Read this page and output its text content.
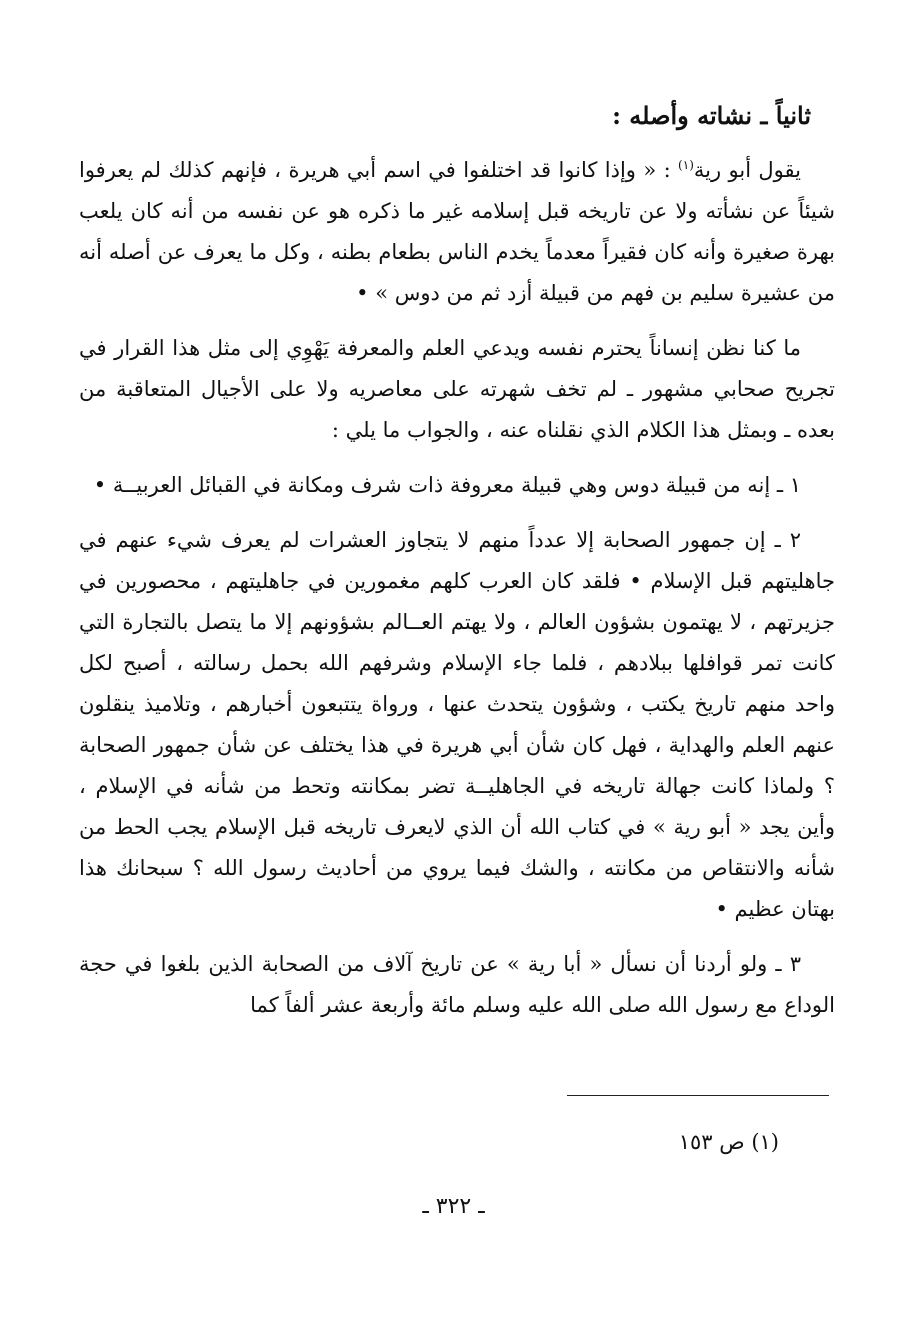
ثانياً ـ نشاته وأصله :

يقول أبو رية$^{(١)}$ : « وإذا كانوا قد اختلفوا في اسم أبي هريرة ، فإنهم كذلك لم يعرفوا شيئاً عن نشأته ولا عن تاريخه قبل إسلامه غير ما ذكره هو عن نفسه من أنه كان يلعب بهرة صغيرة وأنه كان فقيراً معدماً يخدم الناس بطعام بطنه ، وكل ما يعرف عن أصله أنه من عشيرة سليم بن فهم من قبيلة أزد ثم من دوس » •

ما كنا نظن إنساناً يحترم نفسه ويدعي العلم والمعرفة يَهْوِي إلى مثل هذا القرار في تجريح صحابي مشهور ـ لم تخف شهرته على معاصريه ولا على الأجيال المتعاقبة من بعده ـ وبمثل هذا الكلام الذي نقلناه عنه ، والجواب ما يلي :

١ ـ إنه من قبيلة دوس وهي قبيلة معروفة ذات شرف ومكانة في القبائل العربيــة •

٢ ـ إن جمهور الصحابة إلا عدداً منهم لا يتجاوز العشرات لم يعرف شيء عنهم في جاهليتهم قبل الإسلام • فلقد كان العرب كلهم مغمورين في جاهليتهم ، محصورين في جزيرتهم ، لا يهتمون بشؤون العالم ، ولا يهتم العــالم بشؤونهم إلا ما يتصل بالتجارة التي كانت تمر قوافلها ببلادهم ، فلما جاء الإسلام وشرفهم الله بحمل رسالته ، أصبح لكل واحد منهم تاريخ يكتب ، وشؤون يتحدث عنها ، ورواة يتتبعون أخبارهم ، وتلاميذ ينقلون عنهم العلم والهداية ، فهل كان شأن أبي هريرة في هذا يختلف عن شأن جمهور الصحابة ؟ ولماذا كانت جهالة تاريخه في الجاهليــة تضر بمكانته وتحط من شأنه في الإسلام ، وأين يجد « أبو رية » في كتاب الله أن الذي لايعرف تاريخه قبل الإسلام يجب الحط من شأنه والانتقاص من مكانته ، والشك فيما يروي من أحاديث رسول الله ؟ سبحانك هذا بهتان عظيم •

٣ ـ ولو أردنا أن نسأل « أبا رية » عن تاريخ آلاف من الصحابة الذين بلغوا في حجة الوداع مع رسول الله صلى الله عليه وسلم مائة وأربعة عشر ألفاً كما

(١) ص ١٥٣
ـ ٣٢٢ ـ
